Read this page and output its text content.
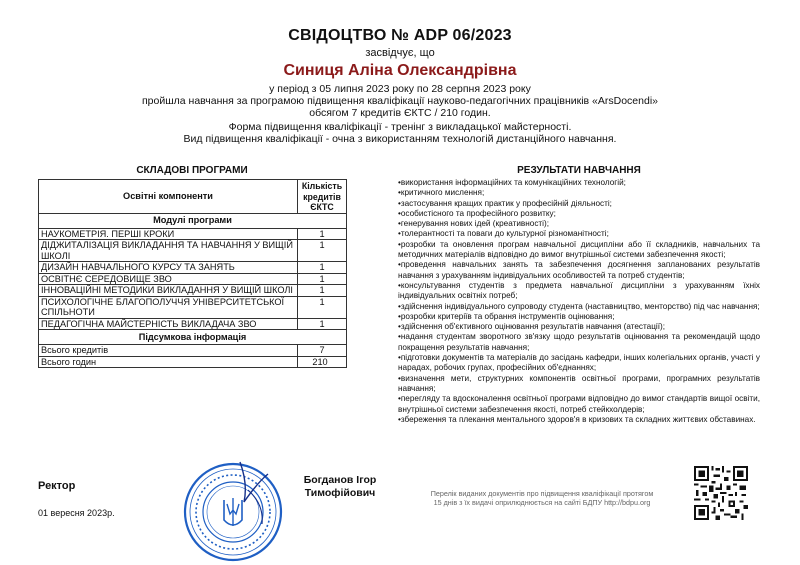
СВІДОЦТВО № ADP 06/2023
засвідчує, що
Синиця Аліна Олександрівна
у період з 05 липня 2023 року по 28 серпня 2023 року
пройшла навчання за програмою підвищення кваліфікації науково-педагогічних працівників «ArsDocendi»
обсягом 7 кредитів ЄКТС / 210 годин.
Форма підвищення кваліфікації - тренінг з викладацької майстерності.
Вид підвищення кваліфікації - очна з використанням технологій дистанційного навчання.
СКЛАДОВІ ПРОГРАМИ	РЕЗУЛЬТАТИ НАВЧАННЯ
Освітні компоненти	Кількість кредитів ЄКТС
Модулі програми	
НАУКОМЕТРІЯ. ПЕРШІ КРОКИ	1
ДІДЖИТАЛІЗАЦІЯ ВИКЛАДАННЯ ТА НАВЧАННЯ У ВИЩІЙ ШКОЛІ	1
ДИЗАЙН НАВЧАЛЬНОГО КУРСУ ТА ЗАНЯТЬ	1
ОСВІТНЄ СЕРЕДОВИЩЕ ЗВО	1
ІННОВАЦІЙНІ МЕТОДИКИ ВИКЛАДАННЯ У ВИЩІЙ ШКОЛІ	1
ПСИХОЛОГІЧНЕ БЛАГОПОЛУЧЧЯ УНІВЕРСИТЕТСЬКОЇ СПІЛЬНОТИ	1
ПЕДАГОГІЧНА МАЙСТЕРНІСТЬ ВИКЛАДАЧА ЗВО	1
Підсумкова інформація	
Всього кредитів	7
Всього годин	210
•використання інформаційних та комунікаційних технологій;
•критичного мислення;
•застосування кращих практик у професійній діяльності;
•особистісного та професійного розвитку;
•генерування нових ідей (креативності);
•толерантності та поваги до культурної різноманітності;
•розробки та оновлення програм навчальної дисципліни або її складників, навчальних та методичних матеріалів відповідно до вимог внутрішньої системи забезпечення якості;
•проведення навчальних занять та забезпечення досягнення запланованих результатів навчання з урахуванням індивідуальних особливостей та потреб студентів;
•консультування студентів з предмета навчальної дисципліни з урахуванням їхніх індивідуальних освітніх потреб;
•здійснення індивідуального супроводу студента (наставництво, менторство) під час навчання;
•розробки критеріїв та обрання інструментів оцінювання;
•здійснення об'єктивного оцінювання результатів навчання (атестації);
•надання студентам зворотного зв'язку щодо результатів оцінювання та рекомендацій щодо покращення результатів навчання;
•підготовки документів та матеріалів до засідань кафедри, інших колегіальних органів, участі у нарадах, робочих групах, професійних об'єднаннях;
•визначення мети, структурних компонентів освітньої програми, програмних результатів навчання;
•перегляду та вдосконалення освітньої програми відповідно до вимог стандартів вищої освіти, внутрішньої системи забезпечення якості, потреб стейкхолдерів;
•збереження та плекання ментального здоров'я в кризових та складних життєвих обставинах.
Ректор
01 вересня 2023р.
Богданов Ігор
Тимофійович	Перелік виданих документів про підвищення кваліфікації протягом
15 днів з їх видачі оприлюднюється на сайті БДПУ http://bdpu.org
